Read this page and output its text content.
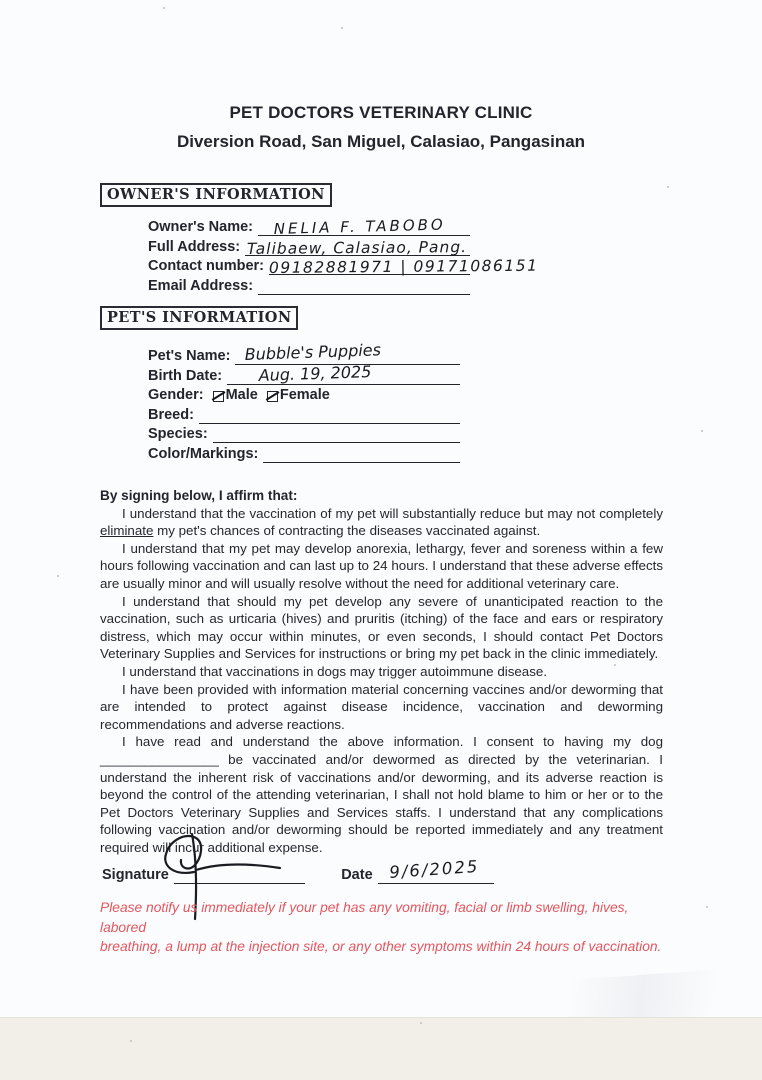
PET DOCTORS VETERINARY CLINIC
Diversion Road, San Miguel, Calasiao, Pangasinan
OWNER'S INFORMATION
Owner's Name:	NELIA F. TABOBO
Full Address: Talibaew, Calasiao, Pang.
Contact number: 09182881971 | 09171086151
Email Address:
PET'S INFORMATION
Pet's Name: Bubble's Puppies
Birth Date:	Aug. 19, 2025
Gender:	Male	Female
Breed:
Species:
Color/Markings:

By signing below, I affirm that:

I understand that the vaccination of my pet will substantially reduce but may not completely eliminate my pet's chances of contracting the diseases vaccinated against.

I understand that my pet may develop anorexia, lethargy, fever and soreness within a few hours following vaccination and can last up to 24 hours. I understand that these adverse effects are usually minor and will usually resolve without the need for additional veterinary care.

I understand that should my pet develop any severe of unanticipated reaction to the vaccination, such as urticaria (hives) and pruritis (itching) of the face and ears or respiratory distress, which may occur within minutes, or even seconds, I should contact Pet Doctors Veterinary Supplies and Services for instructions or bring my pet back in the clinic immediately.

I understand that vaccinations in dogs may trigger autoimmune disease.

I have been provided with information material concerning vaccines and/or deworming that are intended to protect against disease incidence, vaccination and deworming recommendations and adverse reactions.

I have read and understand the above information. I consent to having my dog ________________ be vaccinated and/or dewormed as directed by the veterinarian. I understand the inherent risk of vaccinations and/or deworming, and its adverse reaction is beyond the control of the attending veterinarian, I shall not hold blame to him or her or to the Pet Doctors Veterinary Supplies and Services staffs. I understand that any complications following vaccination and/or deworming should be reported immediately and any treatment required will incur additional expense.

Signature	Date 9/6/2025
Please notify us immediately if your pet has any vomiting, facial or limb swelling, hives, labored
breathing, a lump at the injection site, or any other symptoms within 24 hours of vaccination.
